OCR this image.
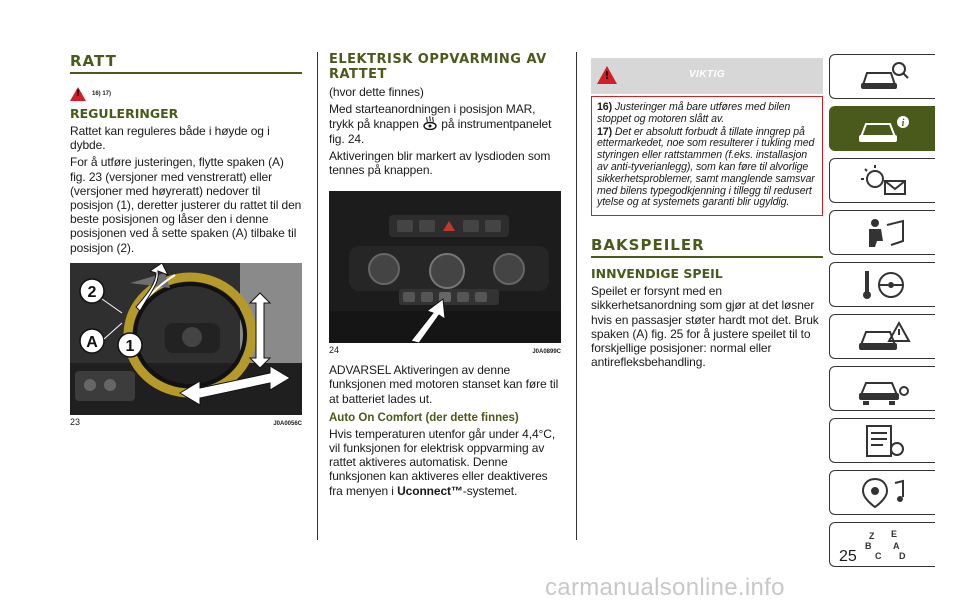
RATT
!
16) 17)
REGULERINGER

Rattet kan reguleres både i høyde og i dybde.

For å utføre justeringen, flytte spaken (A) fig. 23 (versjoner med venstreratt) eller (versjoner med høyreratt) nedover til posisjon (1), deretter justerer du rattet til den beste posisjonen og låser den i denne posisjonen ved å sette spaken (A) tilbake til posisjon (2).

2
A 1
23	J0A0056C
ELEKTRISK OPPVARMING AV RATTET

(hvor dette finnes)

Med starteanordningen i posisjon MAR, trykk på knappen på instrumentpanelet fig. 24.

Aktiveringen blir markert av lysdioden som tennes på knappen.

24	J0A0899C

ADVARSEL Aktiveringen av denne funksjonen med motoren stanset kan føre til at batteriet lades ut.

Auto On Comfort (der dette finnes)

Hvis temperaturen utenfor går under 4,4°C, vil funksjonen for elektrisk oppvarming av rattet aktiveres automatisk. Denne funksjonen kan aktiveres eller deaktiveres fra menyen i Uconnect™-systemet.

!
VIKTIG

16) Justeringer må bare utføres med bilen stoppet og motoren slått av.

17) Det er absolutt forbudt å tillate inngrep på ettermarkedet, noe som resulterer i tukling med styringen eller rattstammen (f.eks. installasjon av anti-tyverianlegg), som kan føre til alvorlige sikkerhetsproblemer, samt manglende samsvar med bilens typegodkjenning i tillegg til redusert ytelse og at systemets garanti blir ugyldig.

BAKSPEILER
INNVENDIGE SPEIL

Speilet er forsynt med en sikkerhetsanordning som gjør at det løsner hvis en passasjer støter hardt mot det. Bruk spaken (A) fig. 25 for å justere speilet til to forskjellige posisjoner: normal eller antirefleksbehandling.

i
Z E
B A
C D
25
carmanualsonline.info
